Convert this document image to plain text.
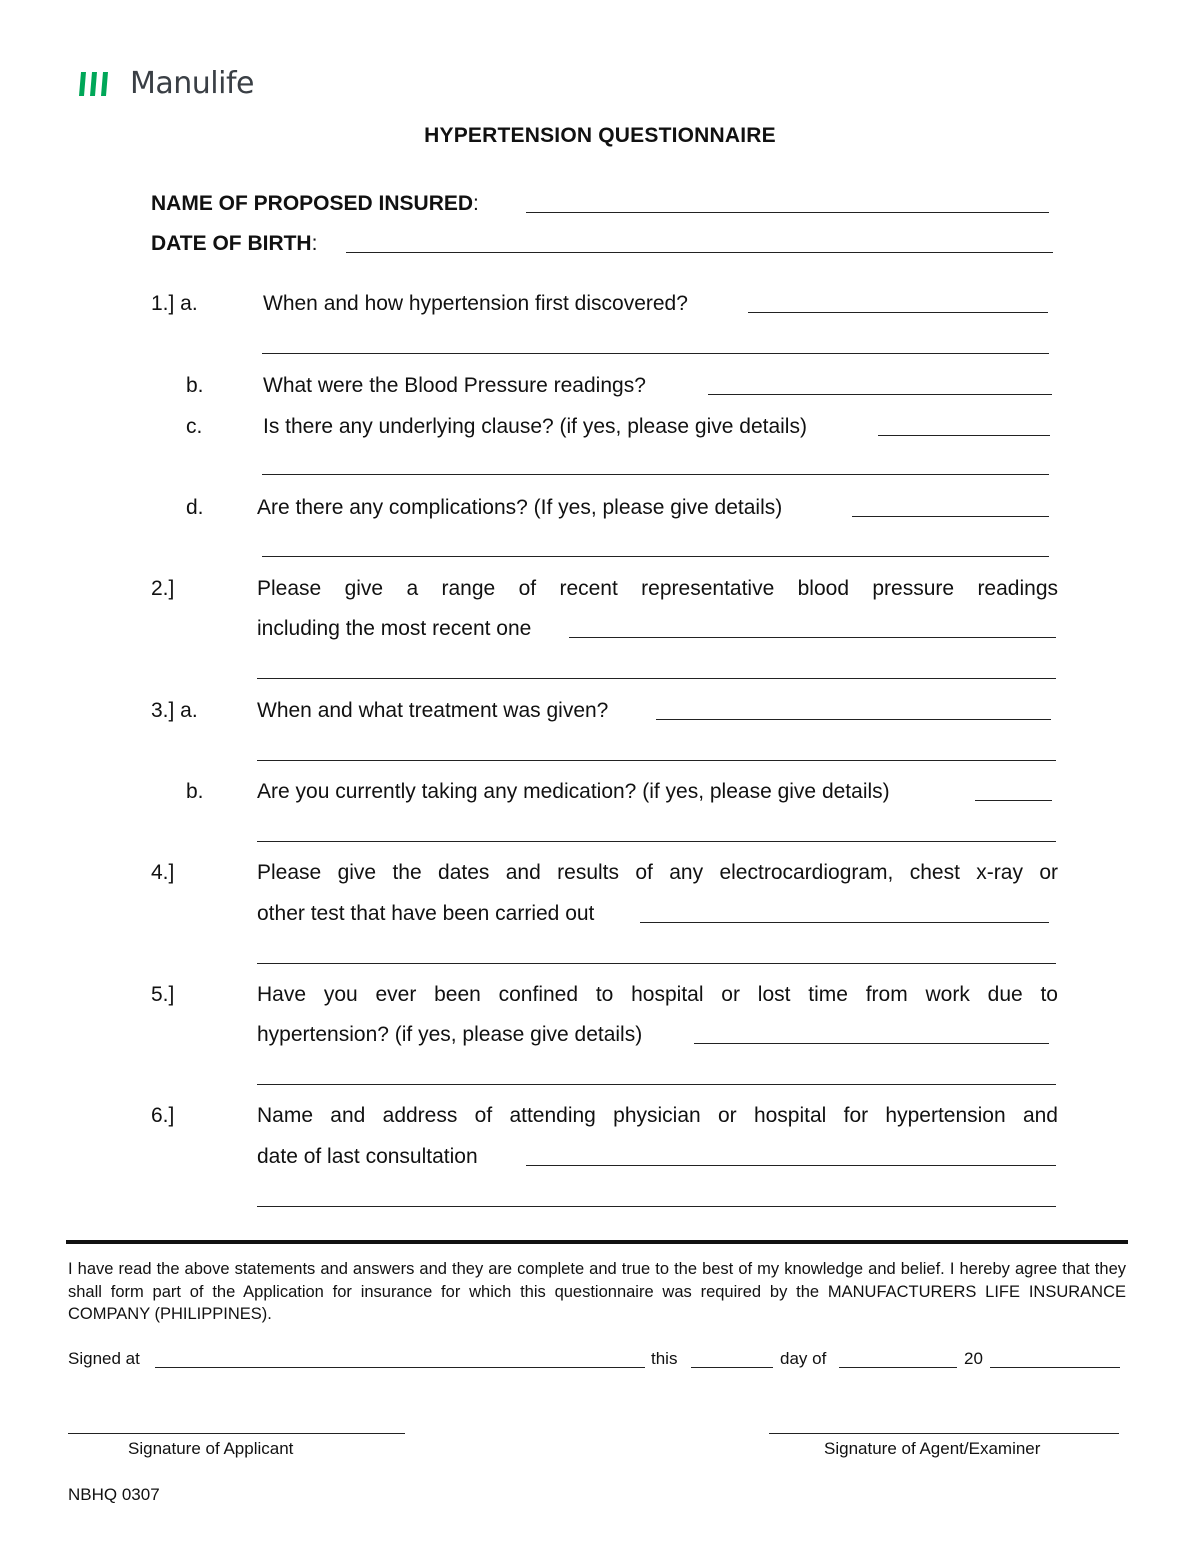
Manulife
HYPERTENSION QUESTIONNAIRE
NAME OF PROPOSED INSURED:
DATE OF BIRTH:
1.] a.	When and how hypertension first discovered?
b.	What were the Blood Pressure readings?
c.	Is there any underlying clause? (if yes, please give details)
d.	Are there any complications? (If yes, please give details)
2.]	Please give a range of recent representative blood pressure readings
including the most recent one
3.] a.	When and what treatment was given?
b.	Are you currently taking any medication? (if yes, please give details)
4.]	Please give the dates and results of any electrocardiogram, chest x-ray or
other test that have been carried out
5.]	Have you ever been confined to hospital or lost time from work due to
hypertension? (if yes, please give details)
6.]	Name and address of attending physician or hospital for hypertension and
date of last consultation
I have read the above statements and answers and they are complete and true to the best of my knowledge and belief. I hereby agree that they shall form part of the Application for insurance for which this questionnaire was required by the MANUFACTURERS LIFE INSURANCE COMPANY (PHILIPPINES).
Signed at	this	day of	20
Signature of Applicant	Signature of Agent/Examiner
NBHQ 0307
